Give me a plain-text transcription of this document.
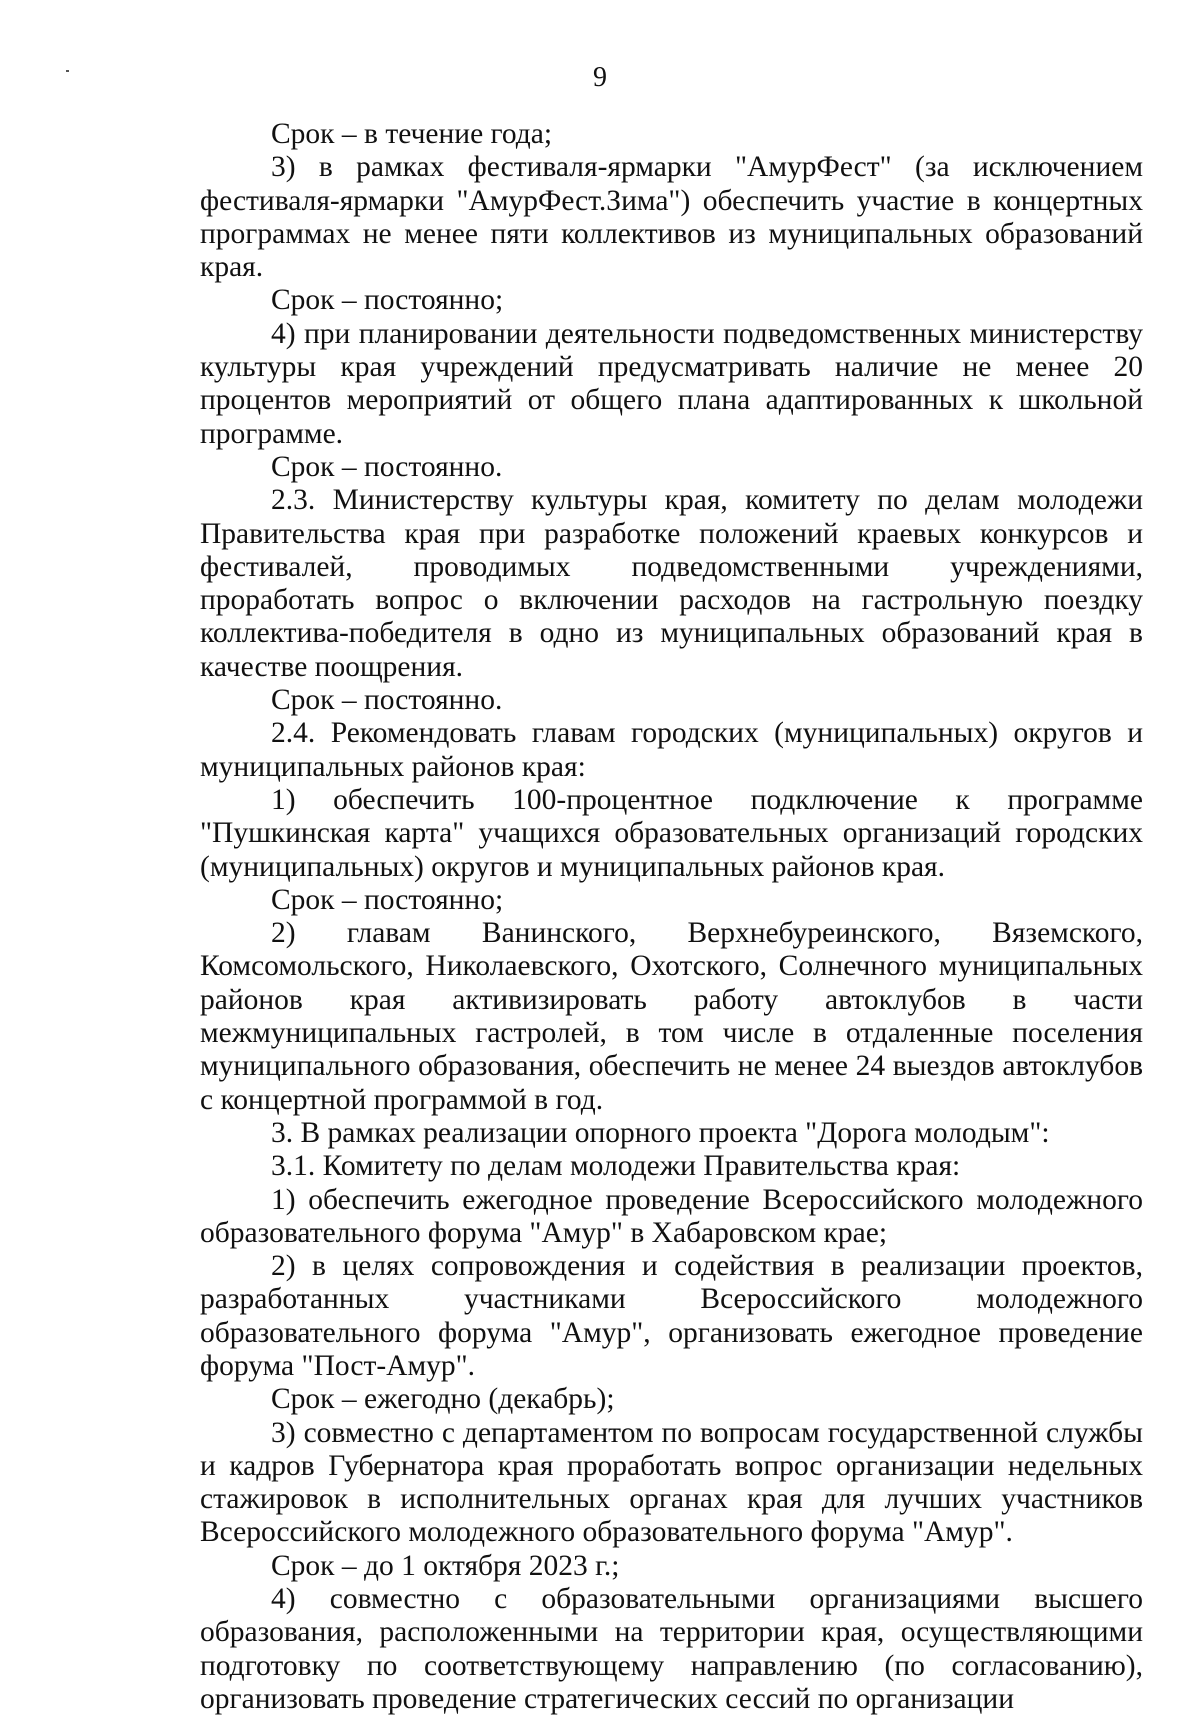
9

Срок – в течение года;

3) в рамках фестиваля-ярмарки "АмурФест" (за исключением фестиваля-ярмарки "АмурФест.Зима") обеспечить участие в концертных программах не менее пяти коллективов из муниципальных образований края.

Срок – постоянно;

4) при планировании деятельности подведомственных министерству культуры края учреждений предусматривать наличие не менее 20 процентов мероприятий от общего плана адаптированных к школьной программе.

Срок – постоянно.

2.3. Министерству культуры края, комитету по делам молодежи Правительства края при разработке положений краевых конкурсов и фестивалей, проводимых подведомственными учреждениями, проработать вопрос о включении расходов на гастрольную поездку коллектива-победителя в одно из муниципальных образований края в качестве поощрения.

Срок – постоянно.

2.4. Рекомендовать главам городских (муниципальных) округов и муниципальных районов края:

1) обеспечить 100-процентное подключение к программе "Пушкинская карта" учащихся образовательных организаций городских (муниципальных) округов и муниципальных районов края.

Срок – постоянно;

2) главам Ванинского, Верхнебуреинского, Вяземского, Комсомольского, Николаевского, Охотского, Солнечного муниципальных районов края активизировать работу автоклубов в части межмуниципальных гастролей, в том числе в отдаленные поселения муниципального образования, обеспечить не менее 24 выездов автоклубов с концертной программой в год.

3. В рамках реализации опорного проекта "Дорога молодым":

3.1. Комитету по делам молодежи Правительства края:

1) обеспечить ежегодное проведение Всероссийского молодежного образовательного форума "Амур" в Хабаровском крае;

2) в целях сопровождения и содействия в реализации проектов, разработанных участниками Всероссийского молодежного образовательного форума "Амур", организовать ежегодное проведение форума "Пост-Амур".

Срок – ежегодно (декабрь);

3) совместно с департаментом по вопросам государственной службы и кадров Губернатора края проработать вопрос организации недельных стажировок в исполнительных органах края для лучших участников Всероссийского молодежного образовательного форума "Амур".

Срок – до 1 октября 2023 г.;

4) совместно с образовательными организациями высшего образования, расположенными на территории края, осуществляющими подготовку по соответствующему направлению (по согласованию), организовать проведение стратегических сессий по организации
